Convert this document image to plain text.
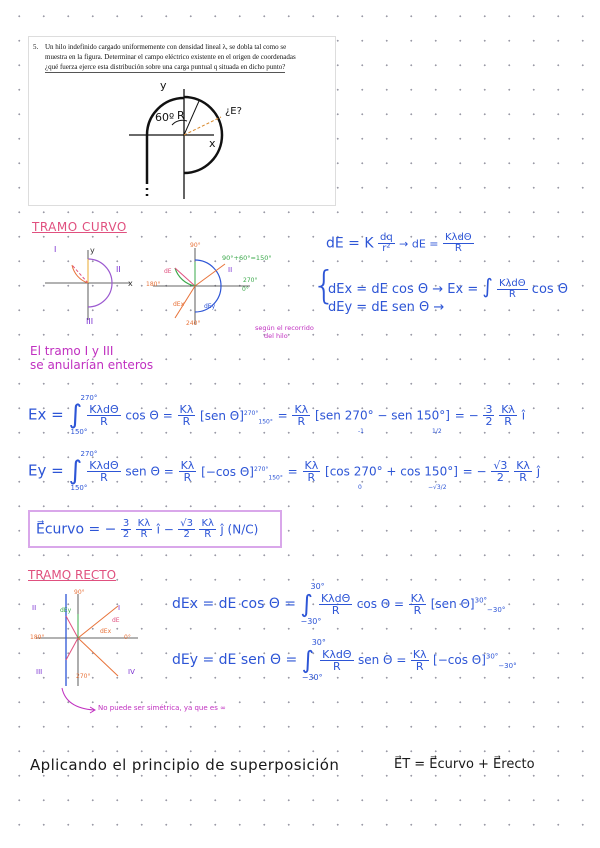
5. Un hilo indefinido cargado uniformemente con densidad lineal λ, se dobla tal como se
muestra en la figura. Determinar el campo eléctrico existente en el origen de coordenadas
¿qué fuerza ejerce esta distribución sobre una carga puntual q situada en dicho punto?
y
x
60º R	¿E?
TRAMO CURVO
I
II
III
x
y
90°
270°
180°
0°
90°+60°=150°
II
dE
dEx	dEy
240°
según el recorrido
del hilo
dE = K $\frac{dq}{\text{r²}}$ → dE = $\frac{\text{KλdΘ}}{R}$
{
dEx = dE cos Θ → Ex = ∫ $\frac{\text{KλdΘ}}{R}$ cos Θ
dEy = dE sen Θ →
El tramo I y III
se anularían enteros
Ex = ∫
270°
150°

$\frac{\text{KλdΘ}}{R}$ $\cos \Theta = \frac{K\lambda}{R} [sen$ $\Theta]^{270^\circ}_{150^\circ} = \frac{K\lambda}{R} [sen$ 270° − sen 150°] = − $\frac{3}{2}$
$\frac{K\lambda}{R}$ î
-1	1/2
Ey = ∫
270°
150°

$\frac{\text{KλdΘ}}{R}$ sen $\Theta = \frac{K\lambda}{R} [-\cos$ $\Theta]^{270^\circ}_{150^\circ} = \frac{K\lambda}{R} [\cos$ 270° + cos 150°] = − $\frac{√3}{2}$
$\frac{K\lambda}{R}$ ĵ
0	−√3/2
E⃗curvo = − $\frac{3}{2}$
$\frac{K\lambda}{R}$ î − $\frac{√3}{2}$
$\frac{K\lambda}{R}$ ĵ (N/C)
TRAMO RECTO
90°
II	I
dE
dEy
0°
180°
dEx
III	IV
270°
dEx = dE cos Θ = ∫
30°
−30°

$\frac{\text{KλdΘ}}{R}$ $\cos \Theta = \frac{K\lambda}{R} [sen$ Θ]$^{30^\circ}_{-30^\circ}$
dEy = dE sen Θ = ∫
30°
−30°

$\frac{\text{KλdΘ}}{R}$ sen $\Theta = \frac{K\lambda}{R} [-\cos$ Θ]$^{30^\circ}_{-30^\circ}$
No puede ser simétrica, ya que es ∞
Aplicando el principio de superposición	E⃗T = E⃗curvo + E⃗recto
